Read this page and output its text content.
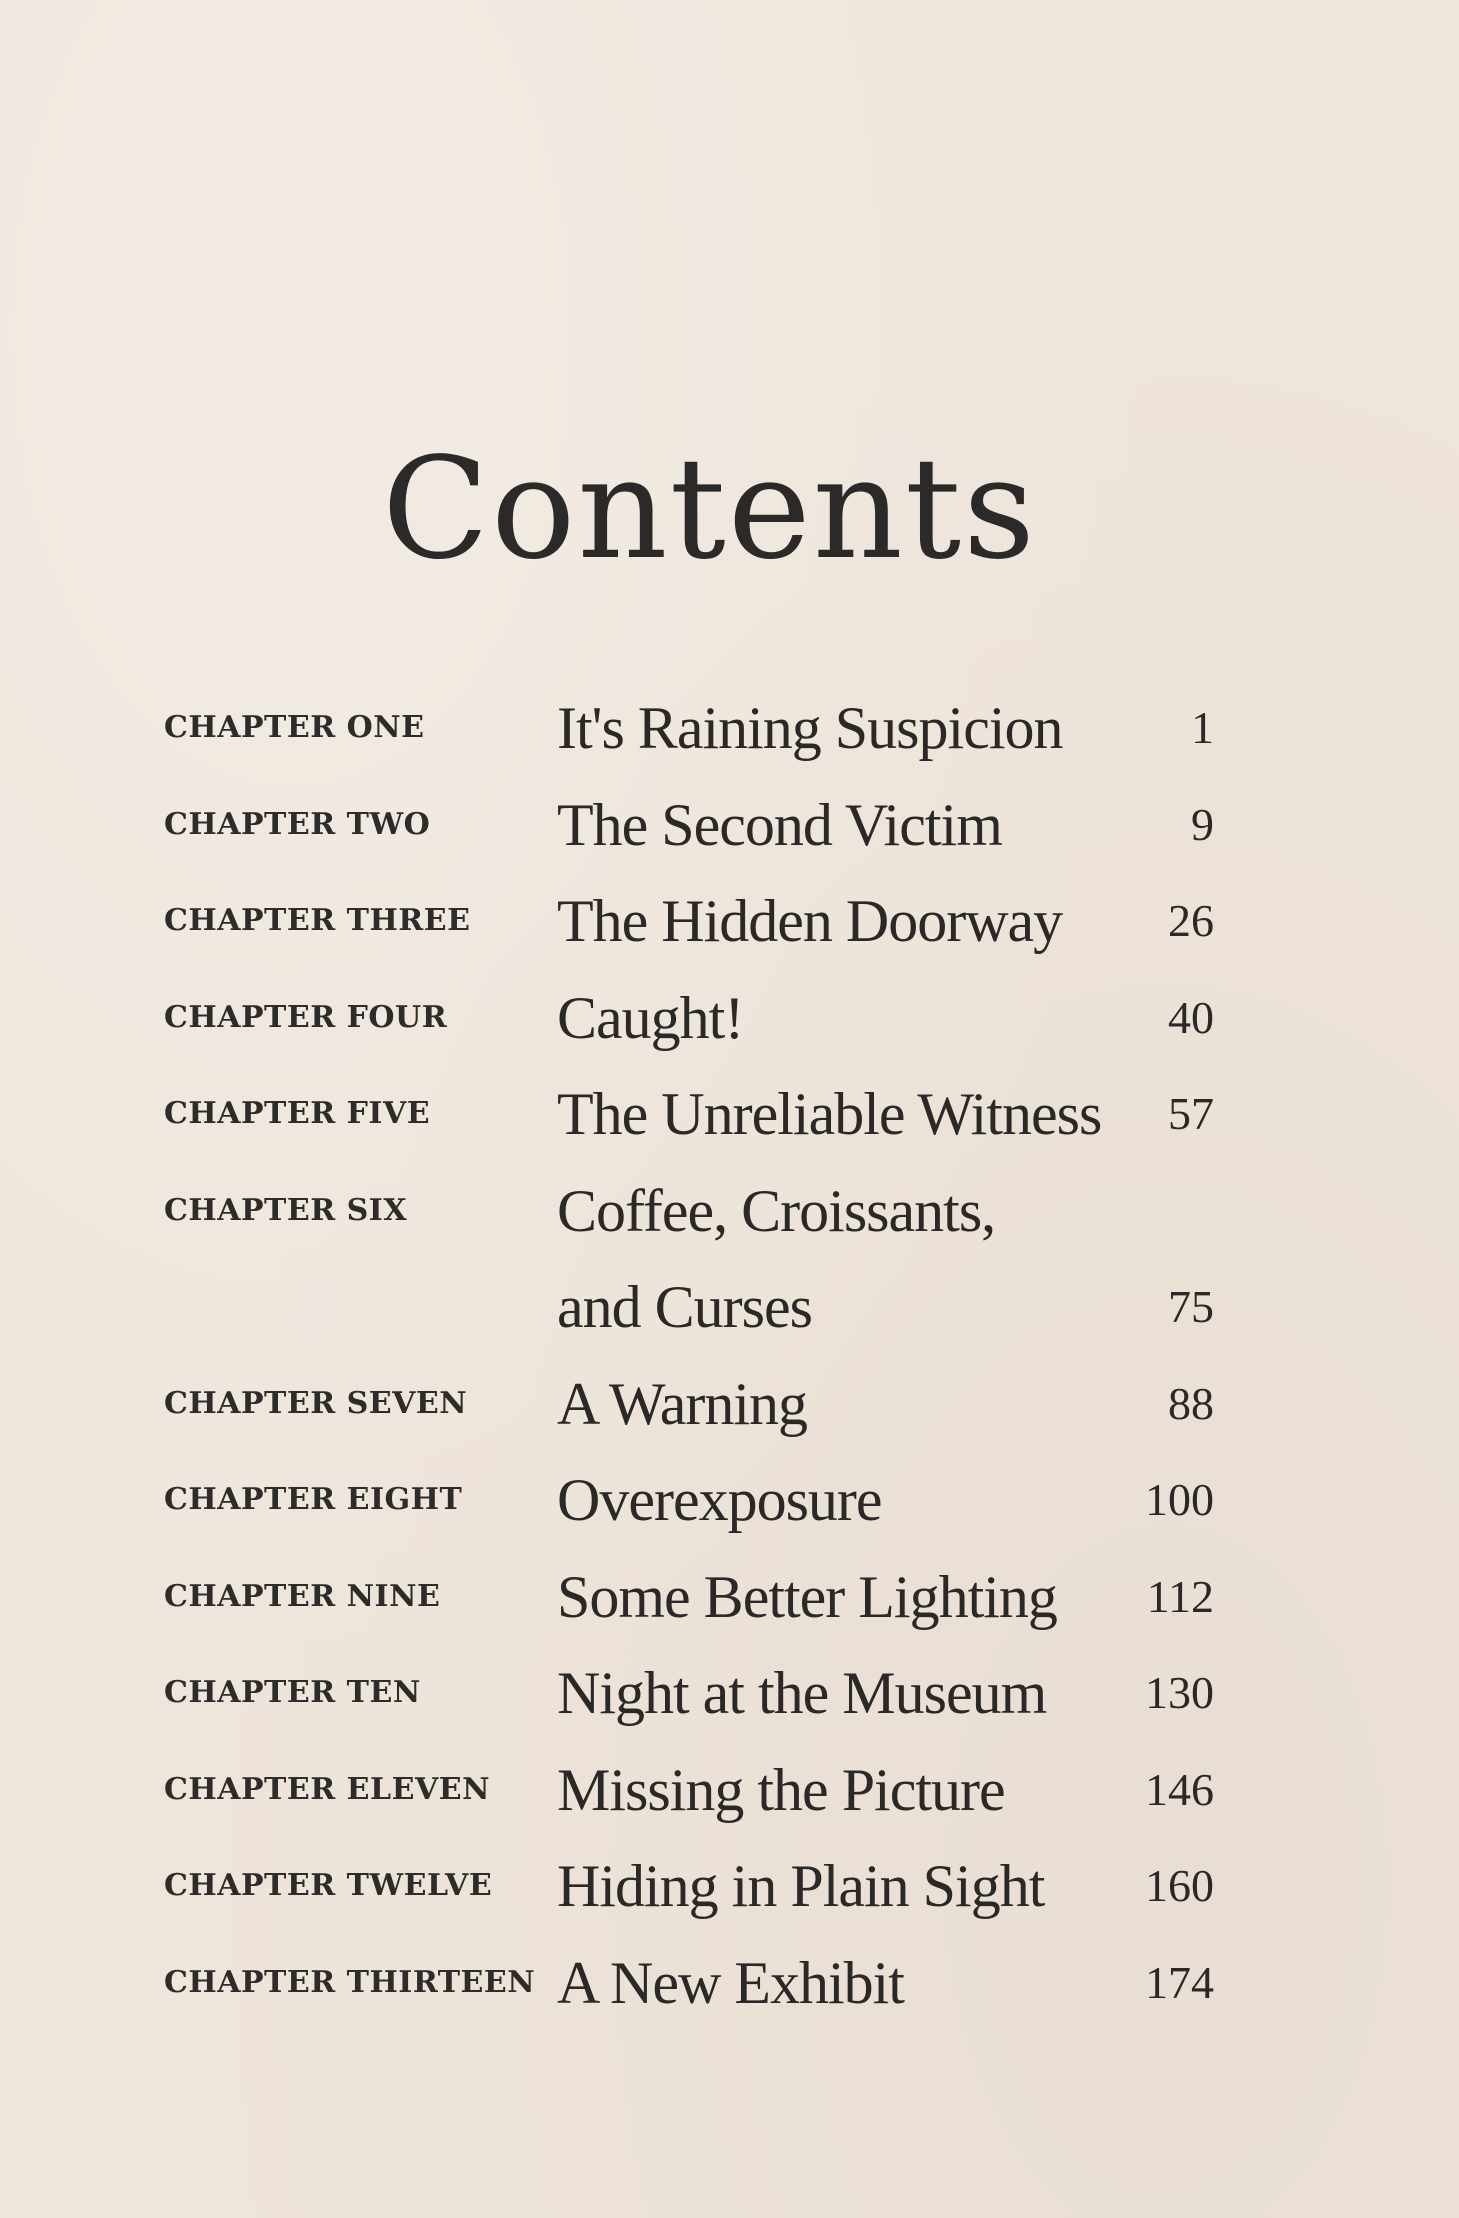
Contents
CHAPTER ONE It's Raining Suspicion	1
CHAPTER TWO The Second Victim	9
CHAPTER THREE The Hidden Doorway	26
CHAPTER FOUR Caught!	40
CHAPTER FIVE The Unreliable Witness 57
CHAPTER SIX Coffee, Croissants,
and Curses	75
CHAPTER SEVEN A Warning	88
CHAPTER EIGHT Overexposure	100
CHAPTER NINE Some Better Lighting	112
CHAPTER TEN Night at the Museum	130
CHAPTER ELEVEN Missing the Picture	146
CHAPTER TWELVE Hiding in Plain Sight	160
CHAPTER THIRTEEN A New Exhibit	174
